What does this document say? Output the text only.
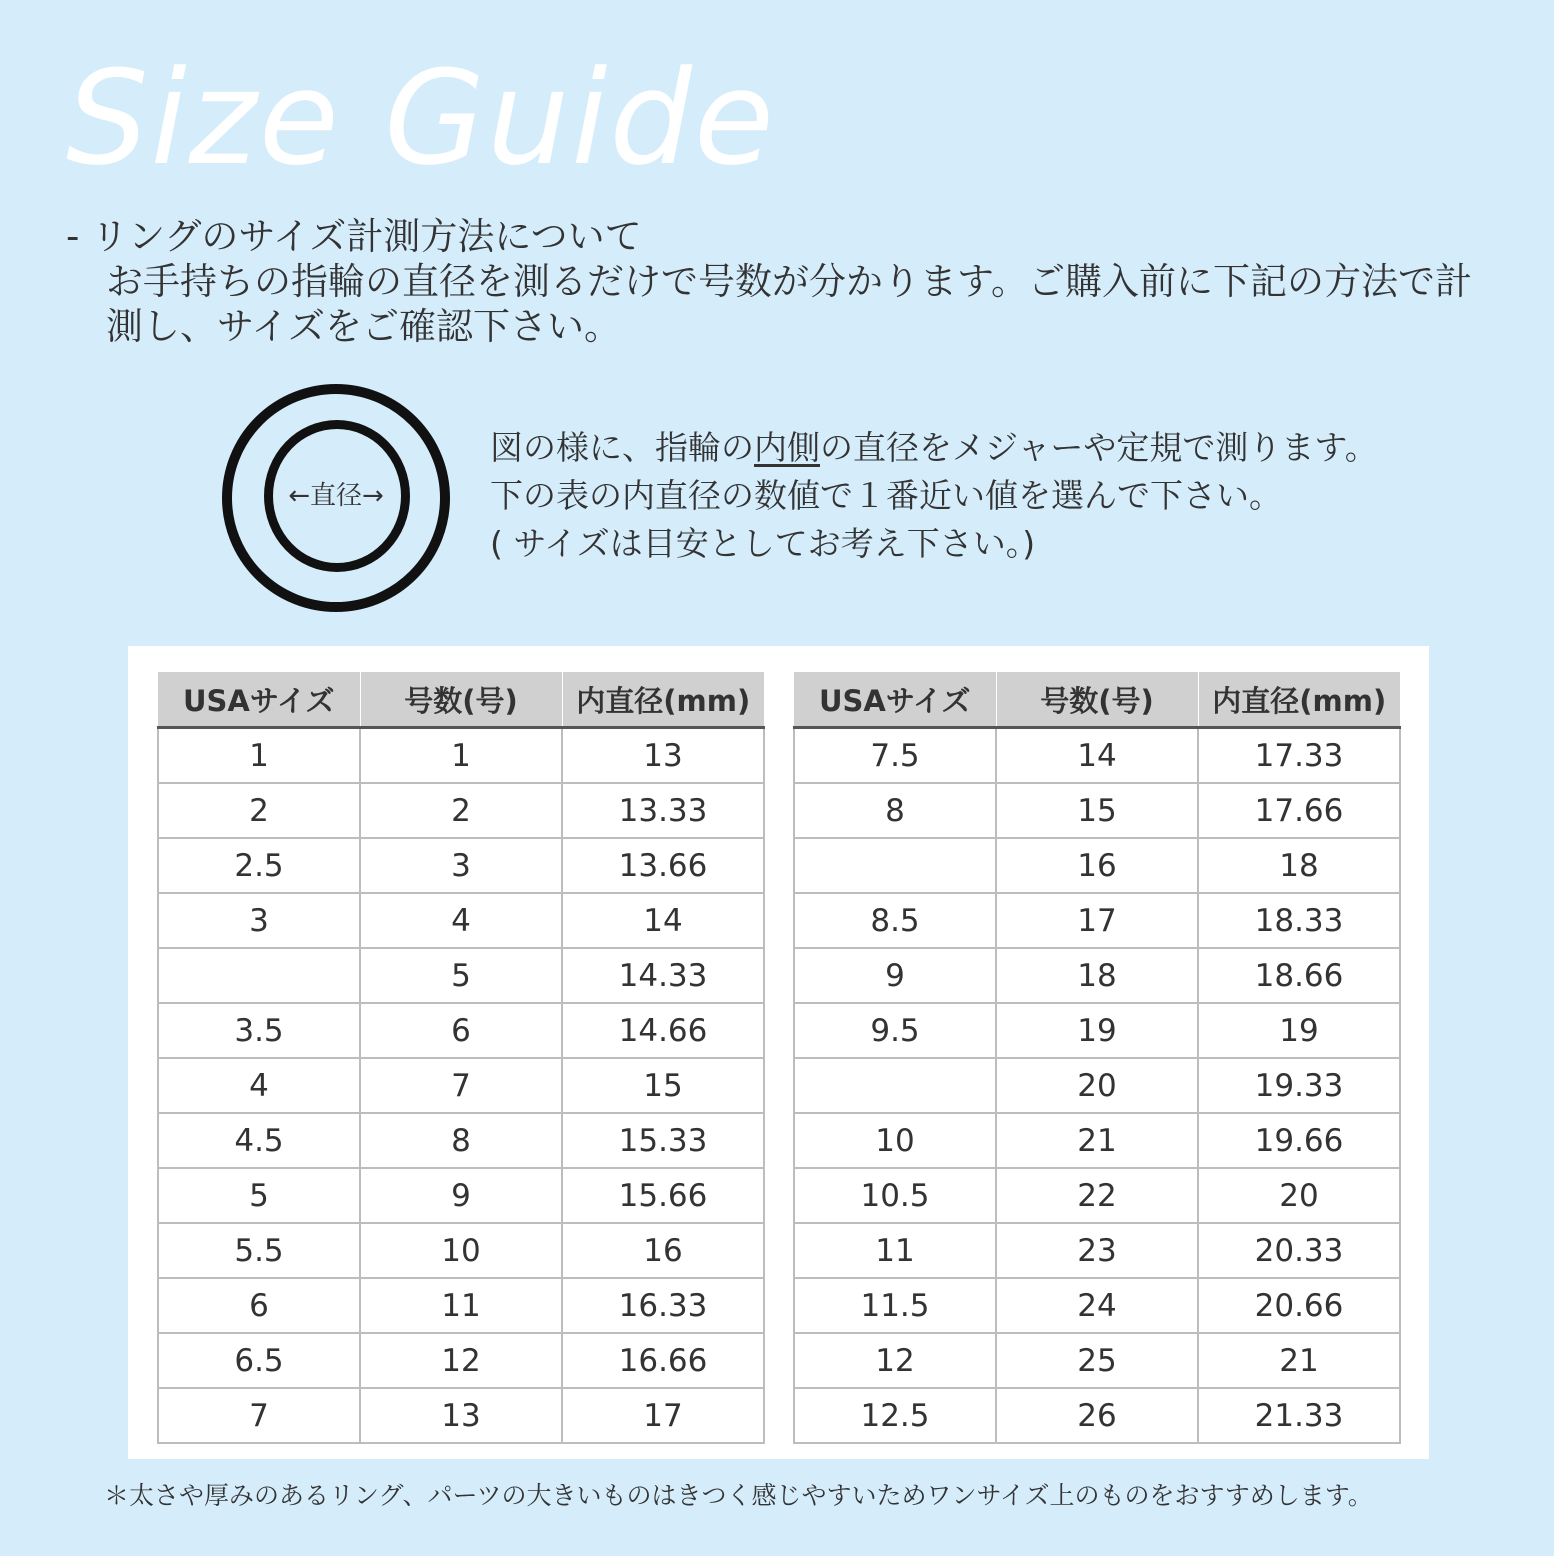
Size Guide
- リングのサイズ計測方法について
お手持ちの指輪の直径を測るだけで号数が分かります。ご購入前に下記の方法で計測し、サイズをご確認下さい。
← 直径 →
図の様に、指輪の内側の直径をメジャーや定規で測ります。
下の表の内直径の数値で１番近い値を選んで下さい。
( サイズは目安としてお考え下さい。)
USAサイズ	号数(号)	内直径(mm)
1	1	13
2	2	13.33
2.5	3	13.66
3	4	14
	5	14.33
3.5	6	14.66
4	7	15
4.5	8	15.33
5	9	15.66
5.5	10	16
6	11	16.33
6.5	12	16.66
7	13	17
USAサイズ	号数(号)	内直径(mm)
7.5	14	17.33
8	15	17.66
	16	18
8.5	17	18.33
9	18	18.66
9.5	19	19
	20	19.33
10	21	19.66
10.5	22	20
11	23	20.33
11.5	24	20.66
12	25	21
12.5	26	21.33
＊太さや厚みのあるリング、パーツの大きいものはきつく感じやすいためワンサイズ上のものをおすすめします。
